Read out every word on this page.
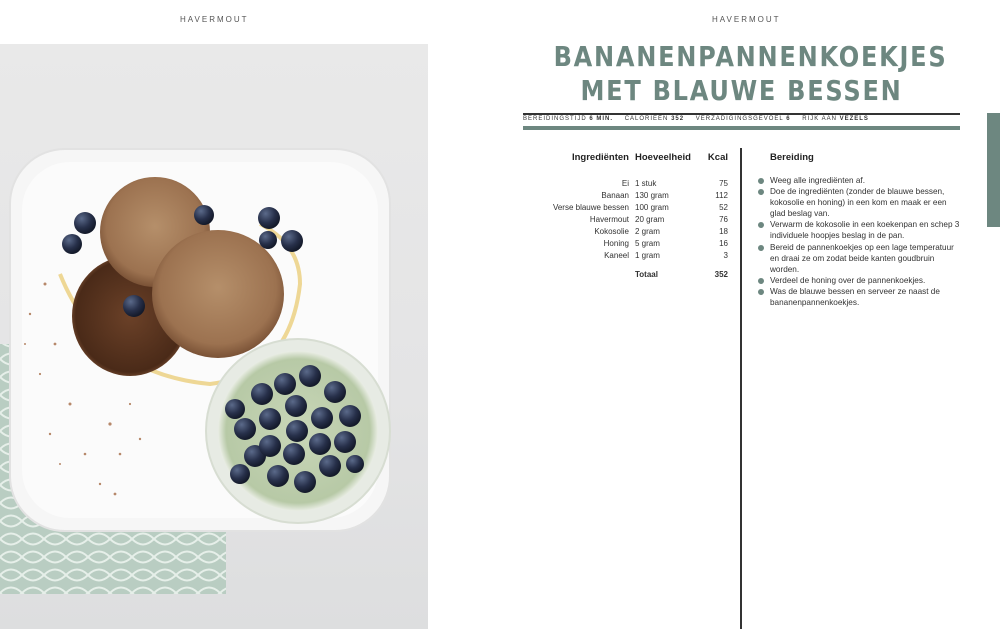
HAVERMOUT	HAVERMOUT
BANANENPANNENKOEKJES
MET BLAUWE BESSEN
BEREIDINGSTIJD 6 MIN. CALORIEËN 352 VERZADIGINGSGEVOEL 6 RIJK AAN VEZELS
Ingrediënten	Hoeveelheid	Kcal
Ei	1 stuk	75
Banaan	130 gram	112
Verse blauwe bessen	100 gram	52
Havermout	20 gram	76
Kokosolie	2 gram	18
Honing	5 gram	16
Kaneel	1 gram	3
	Totaal	352
Bereiding
Weeg alle ingrediënten af.
Doe de ingrediënten (zonder de blauwe bessen, kokosolie en honing) in een kom en maak er een glad beslag van.
Verwarm de kokosolie in een koekenpan en schep 3 individuele hoopjes beslag in de pan.
Bereid de pannenkoekjes op een lage temperatuur en draai ze om zodat beide kanten goudbruin worden.
Verdeel de honing over de pannenkoekjes.
Was de blauwe bessen en serveer ze naast de bananenpannenkoekjes.
